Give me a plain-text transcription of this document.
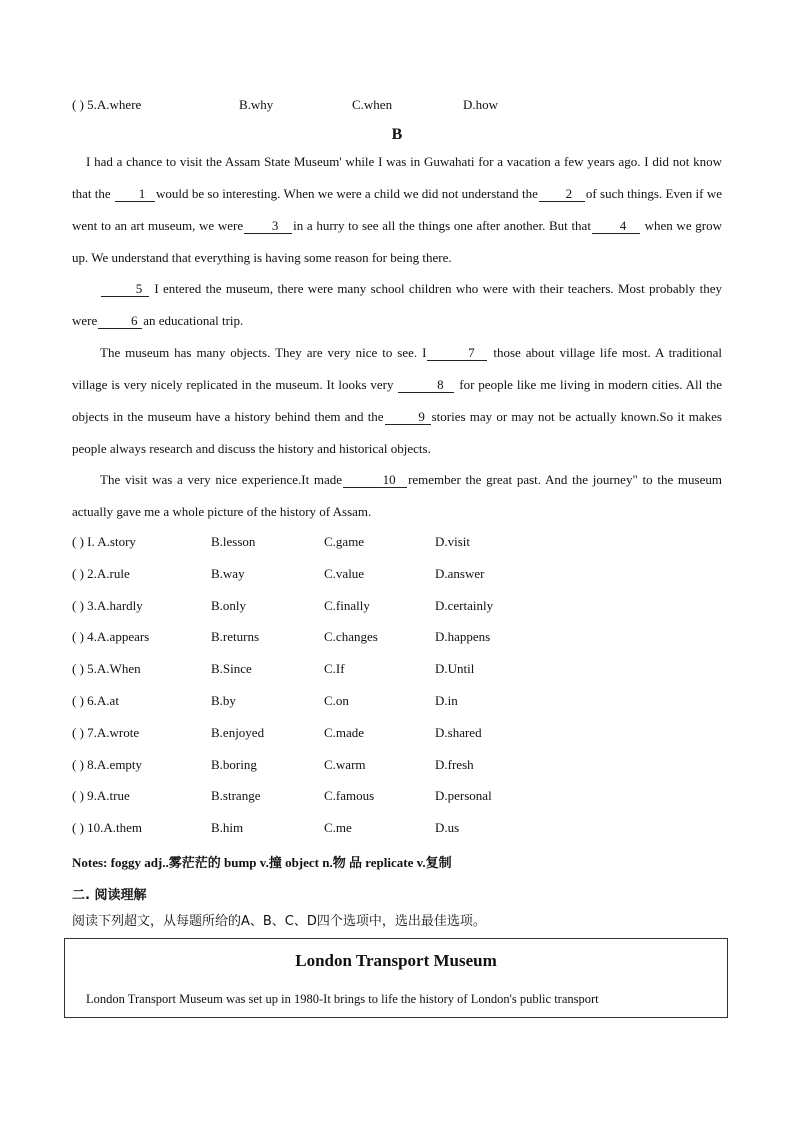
( ) 5.A.where	B.why	C.when	D.how
B

I had a chance to visit the Assam State Museum' while I was in Guwahati for a vacation a few years ago. I did not know that the 1 would be so interesting. When we were a child we did not understand the 2 of such things. Even if we went to an art museum, we were 3 in a hurry to see all the things one after another. But that 4 when we grow up. We understand that everything is having some reason for being there.

5 I entered the museum, there were many school children who were with their teachers. Most probably they were	6 an educational trip.

The museum has many objects. They are very nice to see. I	7 those about village life most. A traditional village is very nicely replicated in the museum. It looks very	8 for people like me living in modern cities. All the objects in the museum have a history behind them and the	9 stories may or may not be actually known.So it makes people always research and discuss the history and historical objects.

The visit was a very nice experience.It made	10 remember the great past. And the journey" to the museum actually gave me a whole picture of the history of Assam.

( ) I. A.story	B.lesson	C.game	D.visit
( ) 2.A.rule	B.way	C.value	D.answer
( ) 3.A.hardly	B.only	C.finally	D.certainly
( ) 4.A.appears	B.returns	C.changes	D.happens
( ) 5.A.When	B.Since	C.If	D.Until
( ) 6.A.at	B.by	C.on	D.in
( ) 7.A.wrote	B.enjoyed	C.made	D.shared
( ) 8.A.empty	B.boring	C.warm	D.fresh
( ) 9.A.true	B.strange	C.famous	D.personal
( ) 10.A.them	B.him	C.me	D.us
Notes: foggy adj..雾茫茫的 bump v.撞 object n.物 品 replicate v.复制
二. 阅读理解
阅读下列超文，从每题所给的A、B、C、D四个选项中，选出最佳选项。
London Transport Museum
London Transport Museum was set up in 1980-It brings to life the history of London's public transport
